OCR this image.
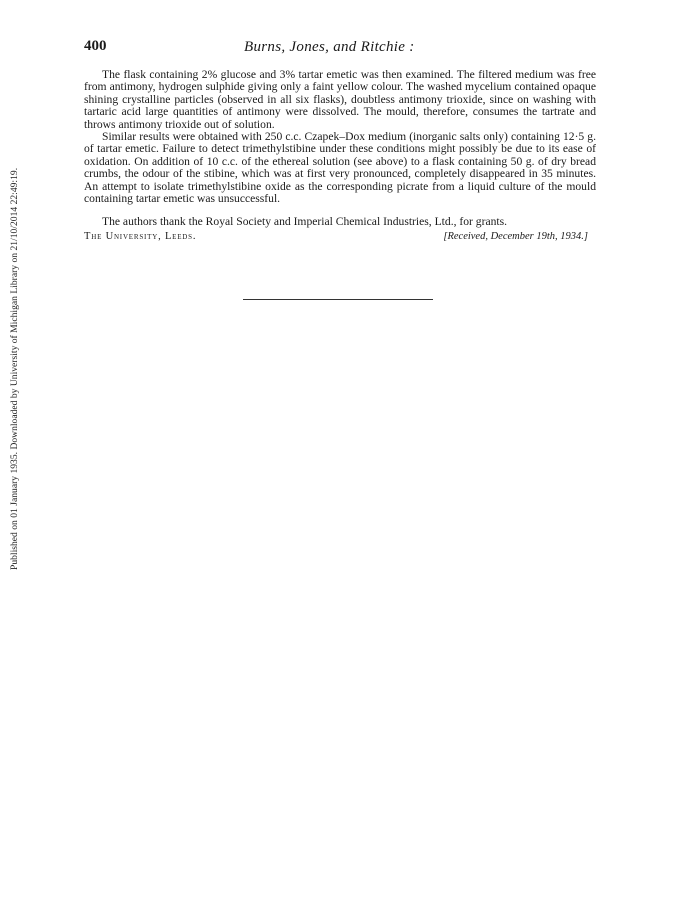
Published on 01 January 1935. Downloaded by University of Michigan Library on 21/10/2014 22:49:19.
400	Burns, Jones, and Ritchie :

The flask containing 2% glucose and 3% tartar emetic was then examined. The filtered medium was free from antimony, hydrogen sulphide giving only a faint yellow colour. The washed mycelium contained opaque shining crystalline particles (observed in all six flasks), doubtless antimony trioxide, since on washing with tartaric acid large quantities of antimony were dissolved. The mould, therefore, consumes the tartrate and throws antimony trioxide out of solution.

Similar results were obtained with 250 c.c. Czapek–Dox medium (inorganic salts only) containing 12·5 g. of tartar emetic. Failure to detect trimethylstibine under these conditions might possibly be due to its ease of oxidation. On addition of 10 c.c. of the ethereal solution (see above) to a flask containing 50 g. of dry bread crumbs, the odour of the stibine, which was at first very pronounced, completely disappeared in 35 minutes. An attempt to isolate trimethylstibine oxide as the corresponding picrate from a liquid culture of the mould containing tartar emetic was unsuccessful.

The authors thank the Royal Society and Imperial Chemical Industries, Ltd., for grants.
The University, Leeds.	[Received, December 19th, 1934.]
